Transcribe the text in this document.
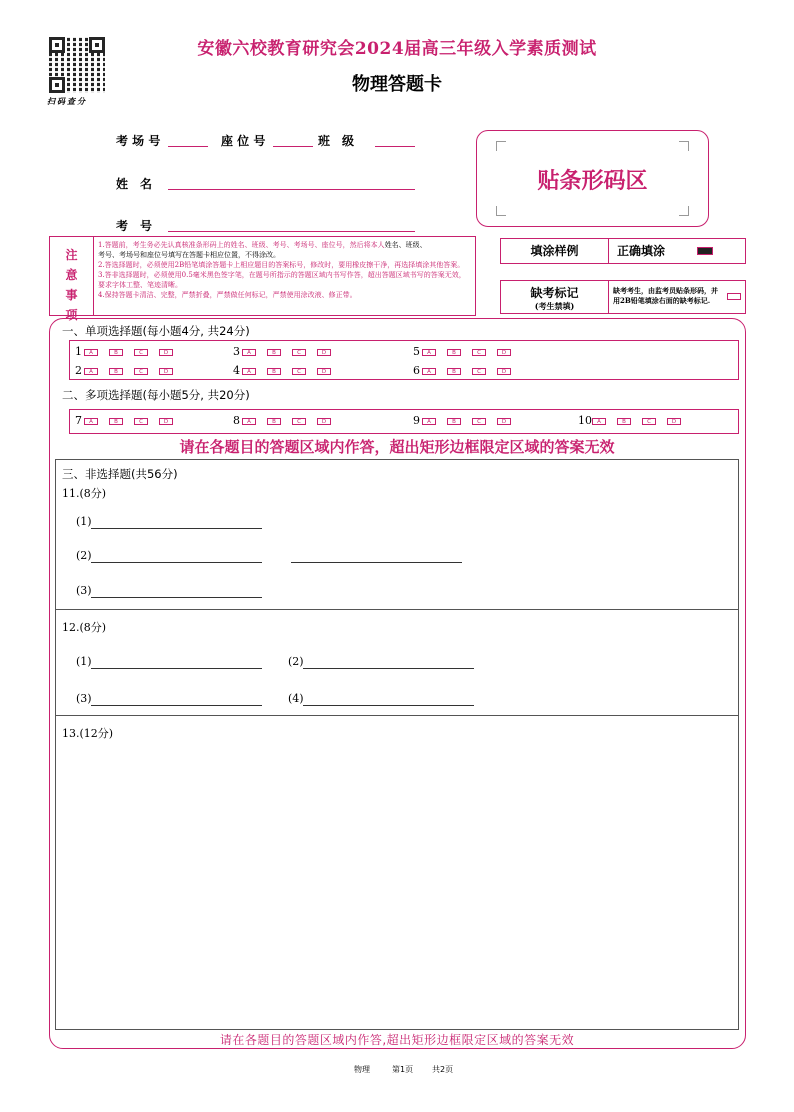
扫码查分
安徽六校教育研究会2024届高三年级入学素质测试
物理答题卡
考 场 号	座 位 号	班　级
姓　名
考　号
贴条形码区
注
意
事
项
1.答题前，考生务必先认真核准条形码上的姓名、班级、考号、考场号、座位号，然后将本人姓名、班级、
考号、考场号和座位号填写在答题卡相应位置，不得涂改。
2.答选择题时，必须使用2B铅笔填涂答题卡上相应题目的答案标号，修改时，要用橡皮擦干净，再选择填涂其他答案。
3.答非选择题时，必须使用0.5毫米黑色签字笔，在题号所指示的答题区域内书写作答，超出答题区域书写的答案无效，要求字体工整、笔迹清晰。
4.保持答题卡清洁、完整，严禁折叠，严禁做任何标记，严禁使用涂改液、修正带。
填涂样例	正确填涂
缺考标记
(考生禁填)
缺考考生，由监考员贴条形码，并用2B铅笔填涂右面的缺考标记.
一、单项选择题(每小题4分, 共24分)
二、多项选择题(每小题5分, 共20分)
请在各题目的答题区域内作答，超出矩形边框限定区域的答案无效
三、非选择题(共56分)
11.(8分)
(1)
(2)
(3)
12.(8分)
(1)	(2)
(3)	(4)
13.(12分)
请在各题目的答题区域内作答,超出矩形边框限定区域的答案无效
物理	第1页 共2页
1	A	B	C	D
2	A	B	C	D
3	A	B	C	D
4	A	B	C	D
5	A	B	C	D
6	A	B	C	D
7	A	B	C	D	8	A	B	C	D	9	A	B	C	D	10 A	B	C	D
